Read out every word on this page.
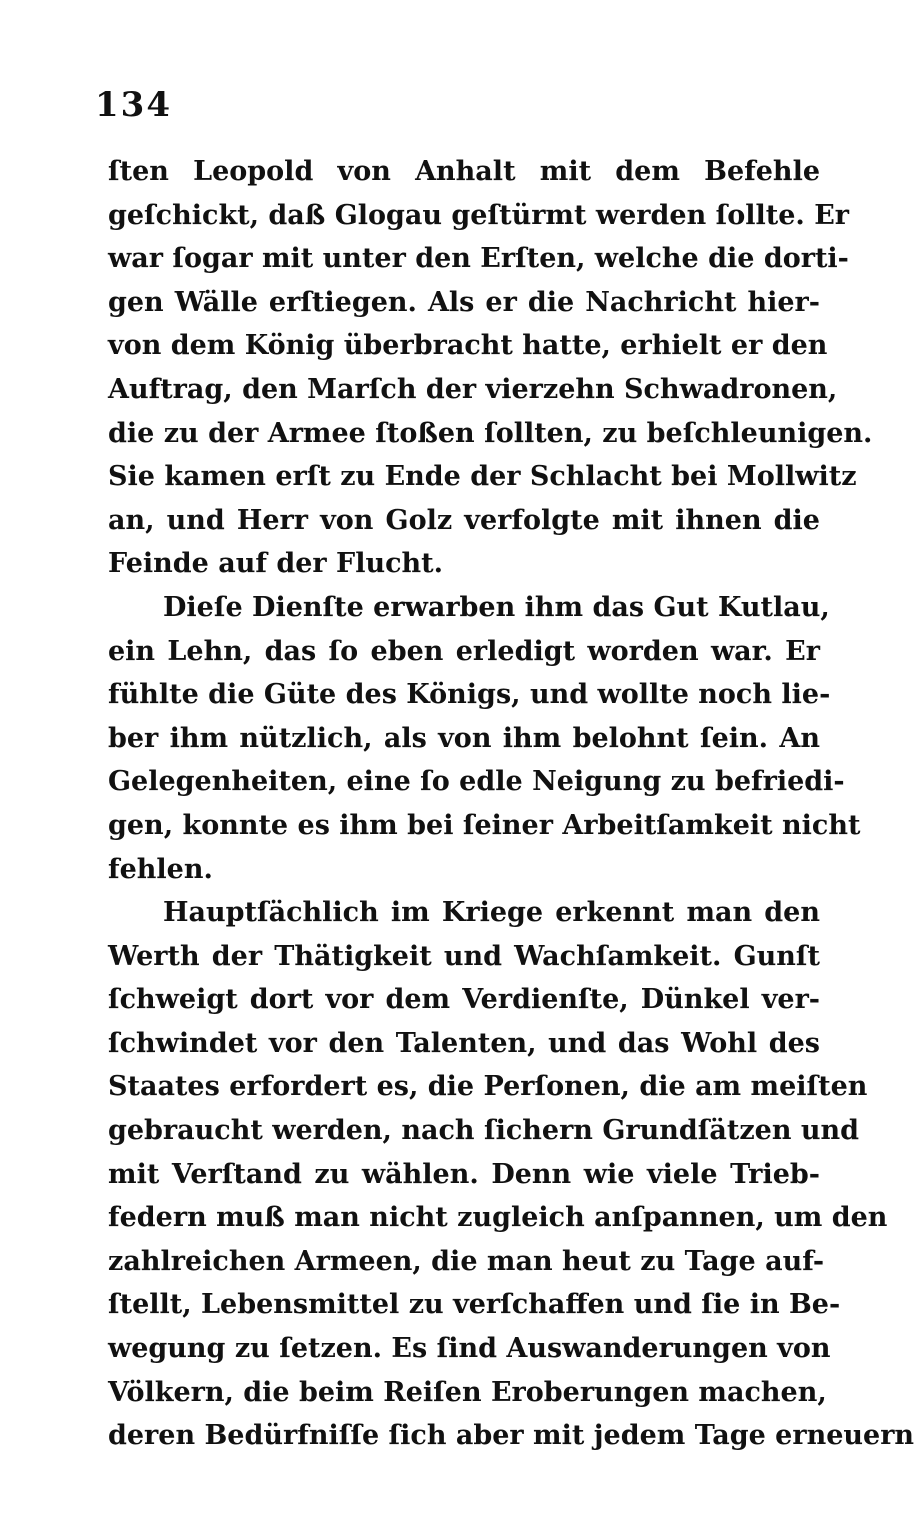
134
ſten Leopold von Anhalt mit dem Befehle
geſchickt, daß Glogau geſtürmt werden ſollte. Er
war ſogar mit unter den Erſten, welche die dorti-
gen Wälle erſtiegen. Als er die Nachricht hier-
von dem König überbracht hatte, erhielt er den
Auftrag, den Marſch der vierzehn Schwadronen,
die zu der Armee ſtoßen ſollten, zu beſchleunigen.
Sie kamen erſt zu Ende der Schlacht bei Mollwitz
an, und Herr von Golz verfolgte mit ihnen die
Feinde auf der Flucht.
Dieſe Dienſte erwarben ihm das Gut Kutlau,
ein Lehn, das ſo eben erledigt worden war. Er
fühlte die Güte des Königs, und wollte noch lie-
ber ihm nützlich, als von ihm belohnt ſein. An
Gelegenheiten, eine ſo edle Neigung zu befriedi-
gen, konnte es ihm bei ſeiner Arbeitſamkeit nicht
fehlen.
Hauptſächlich im Kriege erkennt man den
Werth der Thätigkeit und Wachſamkeit. Gunſt
ſchweigt dort vor dem Verdienſte, Dünkel ver-
ſchwindet vor den Talenten, und das Wohl des
Staates erfordert es, die Perſonen, die am meiſten
gebraucht werden, nach ſichern Grundſätzen und
mit Verſtand zu wählen. Denn wie viele Trieb-
federn muß man nicht zugleich anſpannen, um den
zahlreichen Armeen, die man heut zu Tage auf-
ſtellt, Lebensmittel zu verſchaffen und ſie in Be-
wegung zu ſetzen. Es ſind Auswanderungen von
Völkern, die beim Reiſen Eroberungen machen,
deren Bedürfniſſe ſich aber mit jedem Tage erneuern
